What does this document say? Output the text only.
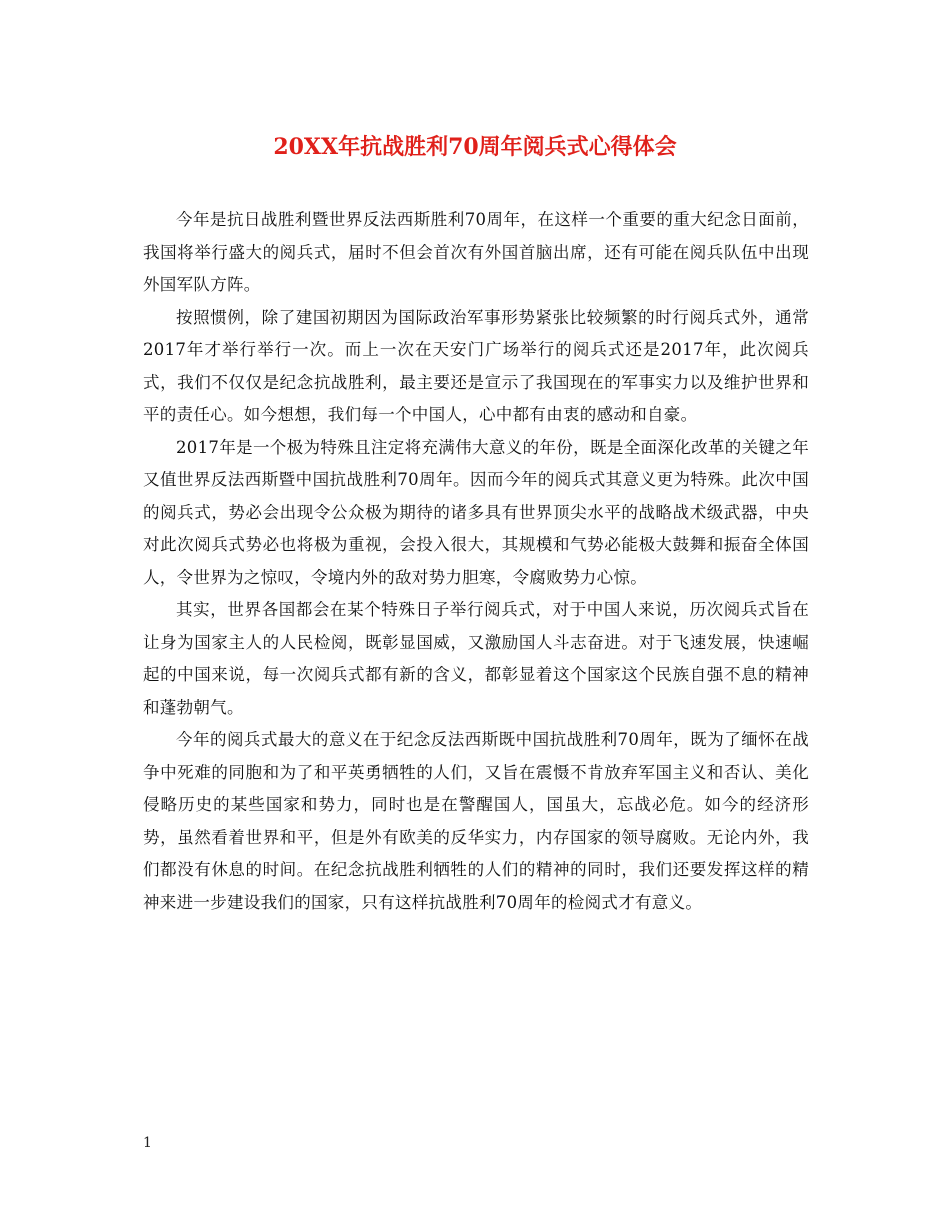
20XX年抗战胜利70周年阅兵式心得体会

今年是抗日战胜利暨世界反法西斯胜利70周年，在这样一个重要的重大纪念日面前，我国将举行盛大的阅兵式，届时不但会首次有外国首脑出席，还有可能在阅兵队伍中出现外国军队方阵。

按照惯例，除了建国初期因为国际政治军事形势紧张比较频繁的时行阅兵式外，通常2017年才举行举行一次。而上一次在天安门广场举行的阅兵式还是2017年，此次阅兵式，我们不仅仅是纪念抗战胜利，最主要还是宣示了我国现在的军事实力以及维护世界和平的责任心。如今想想，我们每一个中国人，心中都有由衷的感动和自豪。

2017年是一个极为特殊且注定将充满伟大意义的年份，既是全面深化改革的关键之年又值世界反法西斯暨中国抗战胜利70周年。因而今年的阅兵式其意义更为特殊。此次中国的阅兵式，势必会出现令公众极为期待的诸多具有世界顶尖水平的战略战术级武器，中央对此次阅兵式势必也将极为重视，会投入很大，其规模和气势必能极大鼓舞和振奋全体国人，令世界为之惊叹，令境内外的敌对势力胆寒，令腐败势力心惊。

其实，世界各国都会在某个特殊日子举行阅兵式，对于中国人来说，历次阅兵式旨在让身为国家主人的人民检阅，既彰显国威，又激励国人斗志奋进。对于飞速发展，快速崛起的中国来说，每一次阅兵式都有新的含义，都彰显着这个国家这个民族自强不息的精神和蓬勃朝气。

今年的阅兵式最大的意义在于纪念反法西斯既中国抗战胜利70周年，既为了缅怀在战争中死难的同胞和为了和平英勇牺牲的人们，又旨在震慑不肯放弃军国主义和否认、美化侵略历史的某些国家和势力，同时也是在警醒国人，国虽大，忘战必危。如今的经济形势，虽然看着世界和平，但是外有欧美的反华实力，内存国家的领导腐败。无论内外，我们都没有休息的时间。在纪念抗战胜利牺牲的人们的精神的同时，我们还要发挥这样的精神来进一步建设我们的国家，只有这样抗战胜利70周年的检阅式才有意义。

1
